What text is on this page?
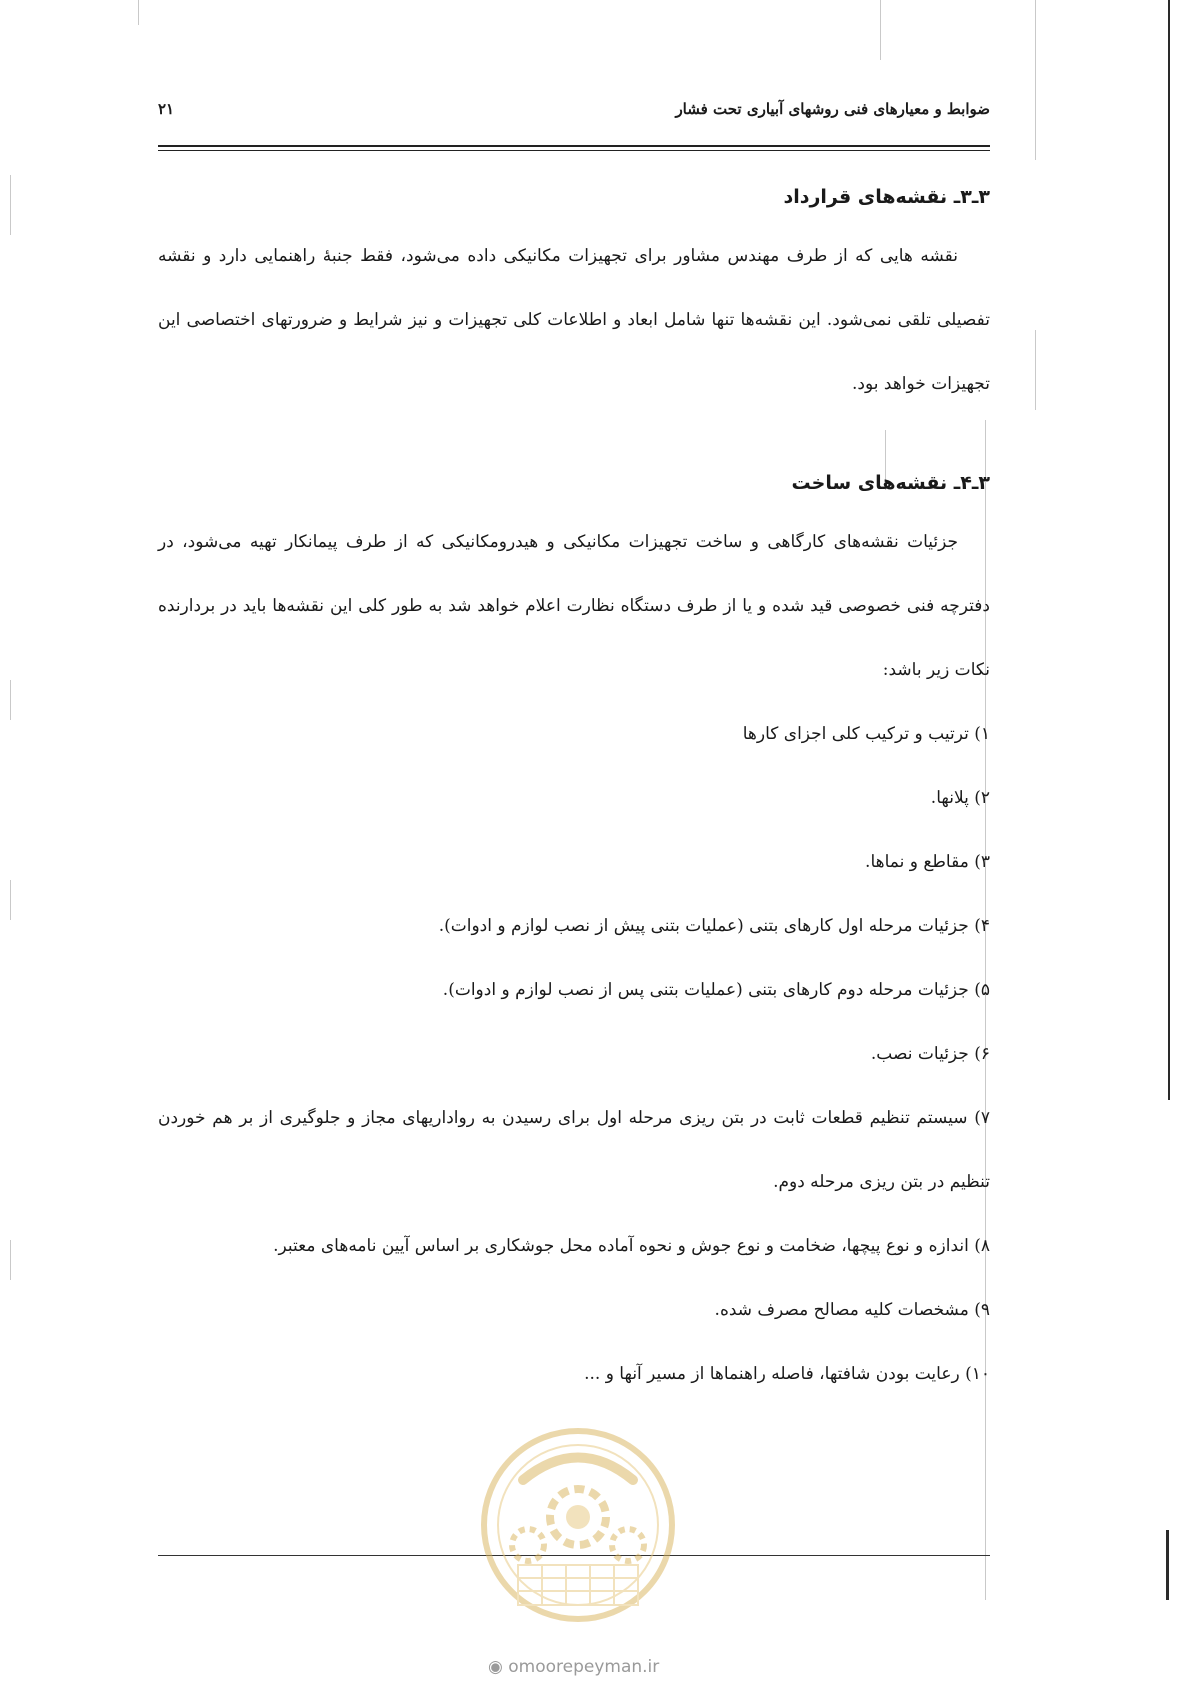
ضوابط و معیارهای فنی روشهای آبیاری تحت فشار
۲۱
۳ـ۳ـ نقشه‌های قرارداد

نقشه هایی که از طرف مهندس مشاور برای تجهیزات مکانیکی داده می‌شود، فقط جنبهٔ راهنمایی دارد و نقشه تفصیلی تلقی نمی‌شود. این نقشه‌ها تنها شامل ابعاد و اطلاعات کلی تجهیزات و نیز شرایط و ضرورتهای اختصاصی این تجهیزات خواهد بود.

۳ـ۴ـ نقشه‌های ساخت

جزئیات نقشه‌های کارگاهی و ساخت تجهیزات مکانیکی و هیدرومکانیکی که از طرف پیمانکار تهیه می‌شود، در دفترچه فنی خصوصی قید شده و یا از طرف دستگاه نظارت اعلام خواهد شد به طور کلی این نقشه‌ها باید در بردارنده نکات زیر باشد:

۱) ترتیب و ترکیب کلی اجزای کارها

۲) پلانها.

۳) مقاطع و نماها.

۴) جزئیات مرحله اول کارهای بتنی (عملیات بتنی پیش از نصب لوازم و ادوات).

۵) جزئیات مرحله دوم کارهای بتنی (عملیات بتنی پس از نصب لوازم و ادوات).

۶) جزئیات نصب.

۷) سیستم تنظیم قطعات ثابت در بتن ریزی مرحله اول برای رسیدن به رواداریهای مجاز و جلوگیری از بر هم خوردن تنظیم در بتن ریزی مرحله دوم.

۸) اندازه و نوع پیچها، ضخامت و نوع جوش و نحوه آماده محل جوشکاری بر اساس آیین نامه‌های معتبر.

۹) مشخصات کلیه مصالح مصرف شده.

۱۰) رعایت بودن شافتها، فاصله راهنماها از مسیر آنها و ...

◉ omoorepeyman.ir
